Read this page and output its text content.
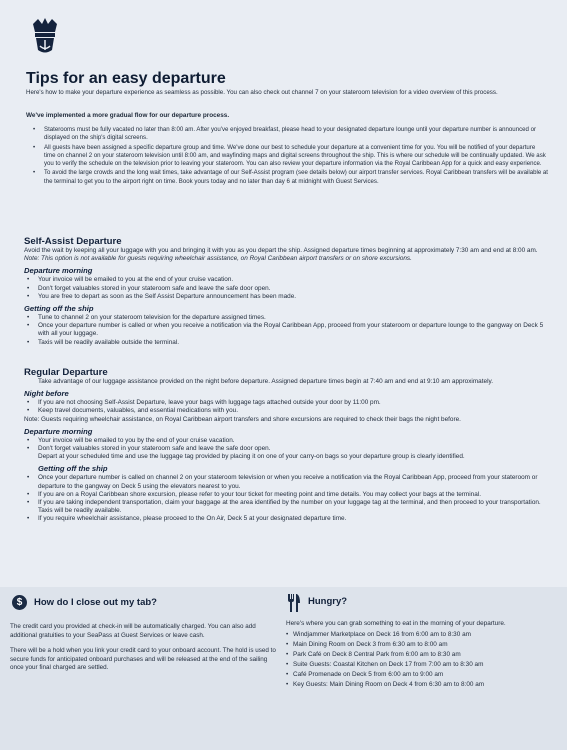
Tips for an easy departure
Here's how to make your departure experience as seamless as possible. You can also check out channel 7 on your stateroom television for a video overview of this process.
We've implemented a more gradual flow for our departure process.
• Staterooms must be fully vacated no later than 8:00 am. After you've enjoyed breakfast, please head to your designated departure lounge until your departure number is announced or displayed on the ship's digital screens.
• All guests have been assigned a specific departure group and time. We've done our best to schedule your departure at a convenient time for you. You will be notified of your departure time on channel 2 on your stateroom television until 8:00 am, and wayfinding maps and digital screens throughout the ship. This is where our schedule will be continually updated. We ask you to verify the schedule on the television prior to leaving your stateroom. You can also review your departure information via the Royal Caribbean App for a quick and easy experience.
• To avoid the large crowds and the long wait times, take advantage of our Self-Assist program (see details below) our airport transfer services. Royal Caribbean transfers will be available at the terminal to get you to the airport right on time. Book yours today and no later than day 6 at midnight with Guest Services.
Self-Assist Departure

Avoid the wait by keeping all your luggage with you and bringing it with you as you depart the ship. Assigned departure times beginning at approximately 7:30 am and end at 8:00 am.

Note: This option is not available for guests requiring wheelchair assistance, on Royal Caribbean airport transfers or on shore excursions.

Departure morning
• Your invoice will be emailed to you at the end of your cruise vacation.
• Don't forget valuables stored in your stateroom safe and leave the safe door open.
• You are free to depart as soon as the Self Assist Departure announcement has been made.
Getting off the ship
• Tune to channel 2 on your stateroom television for the departure assigned times.
• Once your departure number is called or when you receive a notification via the Royal Caribbean App, proceed from your stateroom or departure lounge to the gangway on Deck 5 with all your luggage.
• Taxis will be readily available outside the terminal.
Regular Departure

Take advantage of our luggage assistance provided on the night before departure. Assigned departure times begin at 7:40 am and end at 9:10 am approximately.

Night before
• If you are not choosing Self-Assist Departure, leave your bags with luggage tags attached outside your door by 11:00 pm.
• Keep travel documents, valuables, and essential medications with you.

Note: Guests requiring wheelchair assistance, on Royal Caribbean airport transfers and shore excursions are required to check their bags the night before.

Departure morning
• Your invoice will be emailed to you by the end of your cruise vacation.
• Don't forget valuables stored in your stateroom safe and leave the safe door open.

Depart at your scheduled time and use the luggage tag provided by placing it on one of your carry-on bags so your departure group is clearly identified.

Getting off the ship
• Once your departure number is called on channel 2 on your stateroom television or when you receive a notification via the Royal Caribbean App, proceed from your stateroom or departure to the gangway on Deck 5 using the elevators nearest to you.
• If you are on a Royal Caribbean shore excursion, please refer to your tour ticket for meeting point and time details. You may collect your bags at the terminal.
• If you are taking independent transportation, claim your baggage at the area identified by the number on your luggage tag at the terminal, and then proceed to your transportation. Taxis will be readily available.
• If you require wheelchair assistance, please proceed to the On Air, Deck 5 at your designated departure time.
$	How do I close out my tab?

The credit card you provided at check-in will be automatically charged. You can also add additional gratuities to your SeaPass at Guest Services or leave cash.

There will be a hold when you link your credit card to your onboard account. The hold is used to secure funds for anticipated onboard purchases and will be released at the end of the sailing once your final charged are settled.

Hungry?

Here's where you can grab something to eat in the morning of your departure.

• Windjammer Marketplace on Deck 16 from 6:00 am to 8:30 am
• Main Dining Room on Deck 3 from 6:30 am to 8:00 am
• Park Café on Deck 8 Central Park from 6:00 am to 8:30 am
• Suite Guests: Coastal Kitchen on Deck 17 from 7:00 am to 8:30 am
• Café Promenade on Deck 5 from 6:00 am to 9:00 am
• Key Guests: Main Dining Room on Deck 4 from 6:30 am to 8:00 am
